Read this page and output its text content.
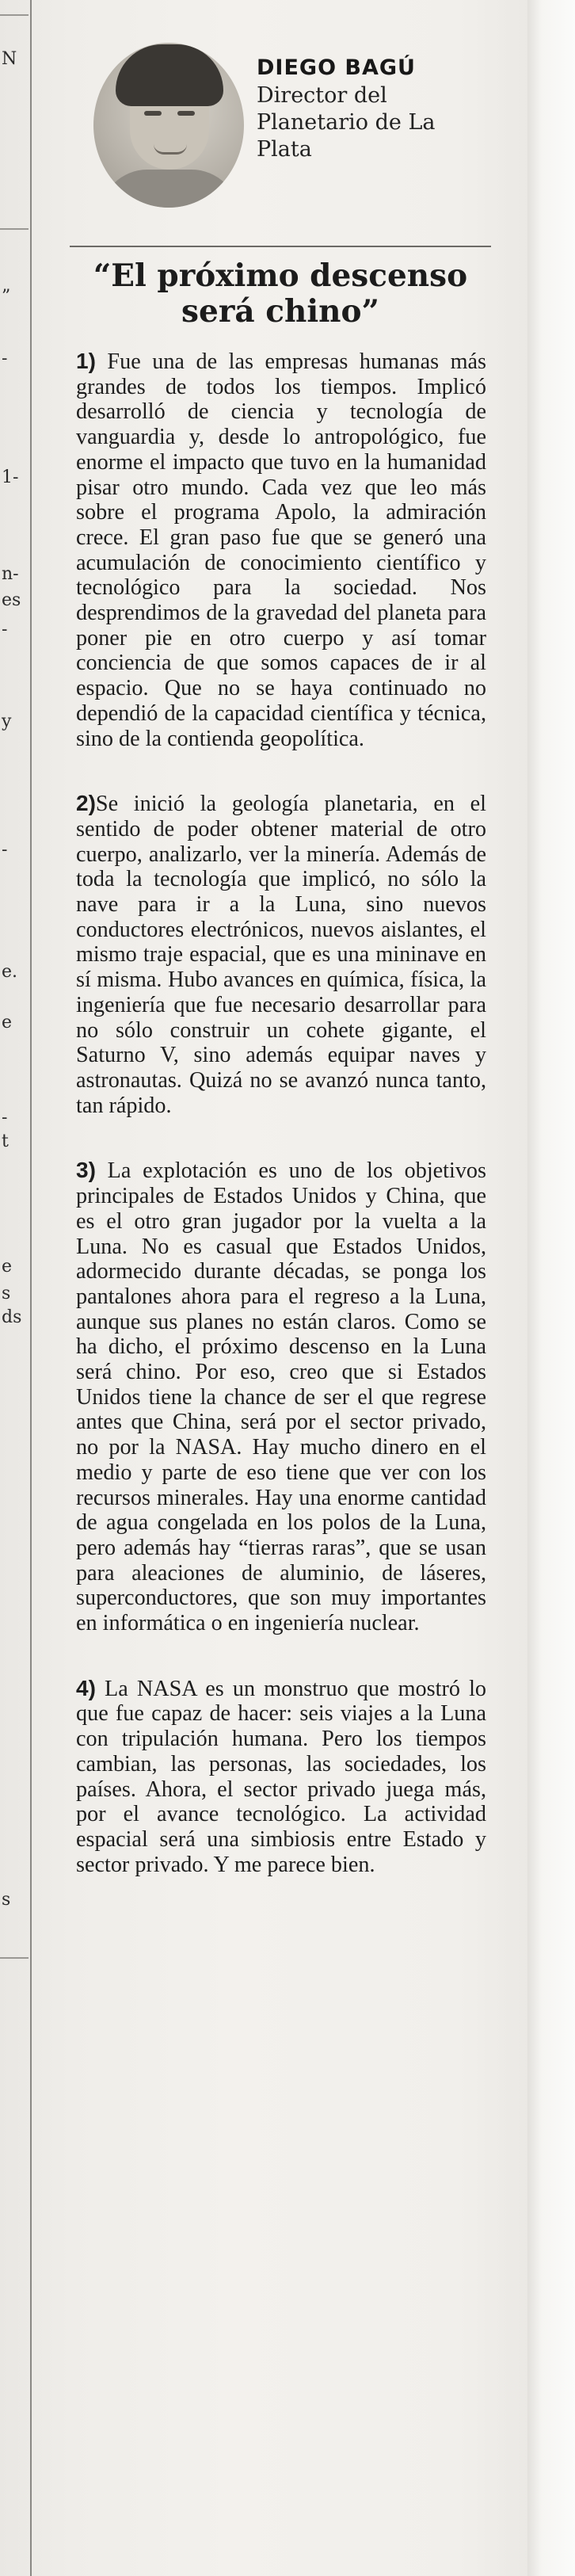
N
”
-
1-
n-
es
-
y
-
e.
e
-
t
e
s
ds
s
DIEGO BAGÚ
Director del Planetario de La Plata
“El próximo descenso será chino”

1) Fue una de las empresas humanas más grandes de todos los tiempos. Implicó desarrolló de ciencia y tecnología de vanguardia y, desde lo antropológico, fue enorme el impacto que tuvo en la humanidad pisar otro mundo. Cada vez que leo más sobre el programa Apolo, la admiración crece. El gran paso fue que se generó una acumulación de conocimiento científico y tecnológico para la sociedad. Nos desprendimos de la gravedad del planeta para poner pie en otro cuerpo y así tomar conciencia de que somos capaces de ir al espacio. Que no se haya continuado no dependió de la capacidad científica y técnica, sino de la contienda geopolítica.

2)Se inició la geología planetaria, en el sentido de poder obtener material de otro cuerpo, analizarlo, ver la minería. Además de toda la tecnología que implicó, no sólo la nave para ir a la Luna, sino nuevos conductores electrónicos, nuevos aislantes, el mismo traje espacial, que es una mininave en sí misma. Hubo avances en química, física, la ingeniería que fue necesario desarrollar para no sólo construir un cohete gigante, el Saturno V, sino además equipar naves y astronautas. Quizá no se avanzó nunca tanto, tan rápido.

3) La explotación es uno de los objetivos principales de Estados Unidos y China, que es el otro gran jugador por la vuelta a la Luna. No es casual que Estados Unidos, adormecido durante décadas, se ponga los pantalones ahora para el regreso a la Luna, aunque sus planes no están claros. Como se ha dicho, el próximo descenso en la Luna será chino. Por eso, creo que si Estados Unidos tiene la chance de ser el que regrese antes que China, será por el sector privado, no por la NASA. Hay mucho dinero en el medio y parte de eso tiene que ver con los recursos minerales. Hay una enorme cantidad de agua congelada en los polos de la Luna, pero además hay “tierras raras”, que se usan para aleaciones de aluminio, de láseres, superconductores, que son muy importantes en informática o en ingeniería nuclear.

4) La NASA es un monstruo que mostró lo que fue capaz de hacer: seis viajes a la Luna con tripulación humana. Pero los tiempos cambian, las personas, las sociedades, los países. Ahora, el sector privado juega más, por el avance tecnológico. La actividad espacial será una simbiosis entre Estado y sector privado. Y me parece bien.
